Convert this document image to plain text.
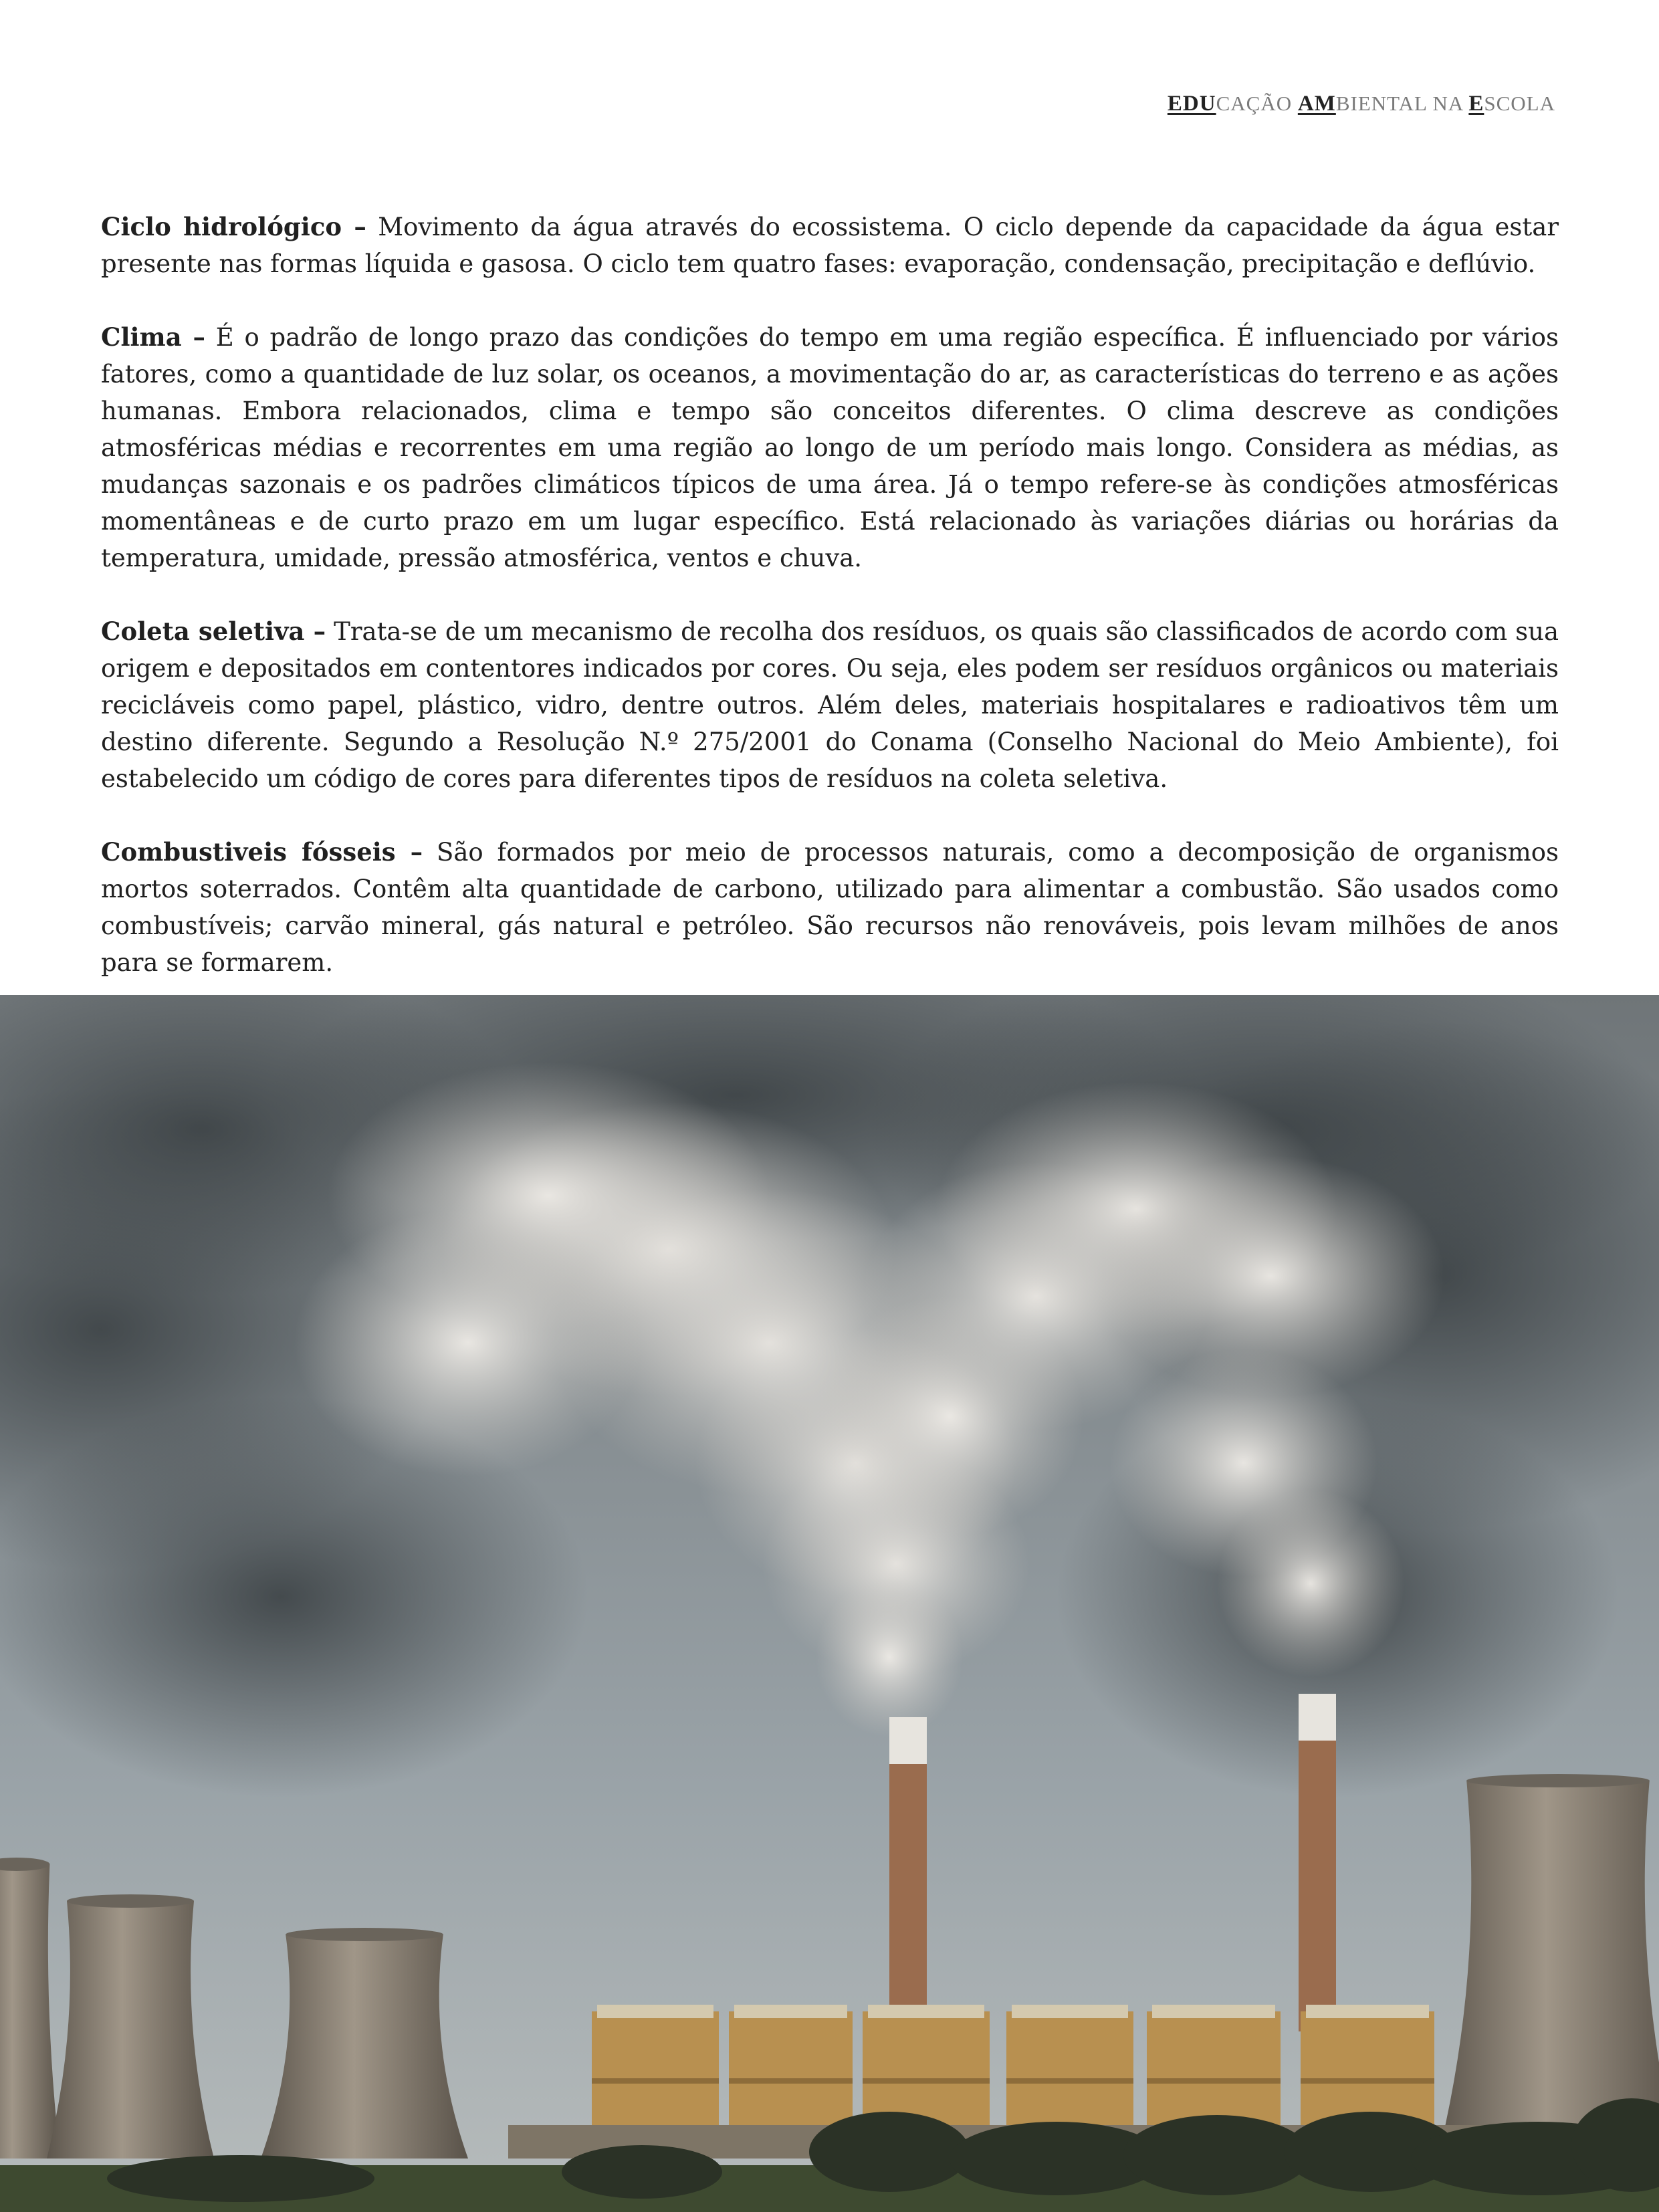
EDUCAÇÃO AMBIENTAL NA ESCOLA

Ciclo hidrológico – Movimento da água através do ecossistema. O ciclo depende da capacidade da água estar presente nas formas líquida e gasosa. O ciclo tem quatro fases: evaporação, condensação, precipitação e deflúvio.

Clima – É o padrão de longo prazo das condições do tempo em uma região específica. É influenciado por vários fatores, como a quantidade de luz solar, os oceanos, a movimentação do ar, as características do terreno e as ações humanas. Embora relacionados, clima e tempo são conceitos diferentes. O clima descreve as condições atmosféricas médias e recorrentes em uma região ao longo de um período mais longo. Considera as médias, as mudanças sazonais e os padrões climáticos típicos de uma área. Já o tempo refere-se às condições atmosféricas momentâneas e de curto prazo em um lugar específico. Está relacionado às variações diárias ou horárias da temperatura, umidade, pressão atmosférica, ventos e chuva.

Coleta seletiva – Trata-se de um mecanismo de recolha dos resíduos, os quais são classificados de acordo com sua origem e depositados em contentores indicados por cores. Ou seja, eles podem ser resíduos orgânicos ou materiais recicláveis como papel, plástico, vidro, dentre outros. Além deles, materiais hospitalares e radioativos têm um destino diferente. Segundo a Resolução N.º 275/2001 do Conama (Conselho Nacional do Meio Ambiente), foi estabelecido um código de cores para diferentes tipos de resíduos na coleta seletiva.

Combustiveis fósseis – São formados por meio de processos naturais, como a decomposição de organismos mortos soterrados. Contêm alta quantidade de carbono, utilizado para alimentar a combustão. São usados como combustíveis; carvão mineral, gás natural e petróleo. São recursos não renováveis, pois levam milhões de anos para se formarem.
